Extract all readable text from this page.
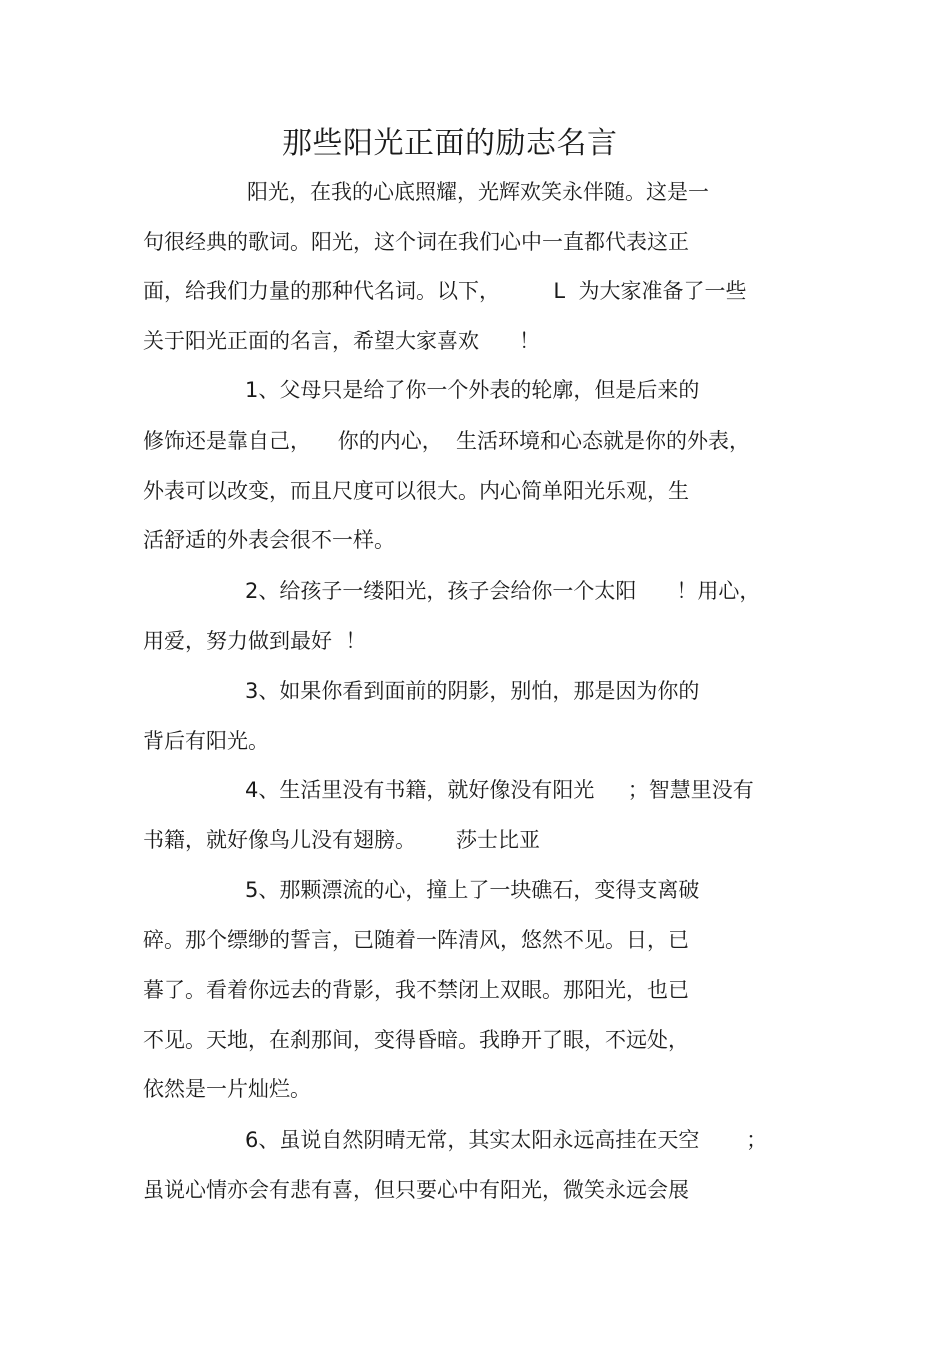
那些阳光正面的励志名言
阳光，在我的心底照耀，光辉欢笑永伴随。这是一
句很经典的歌词。阳光，这个词在我们心中一直都代表这正
面，给我们力量的那种代名词。以下，        L  为大家准备了一些
关于阳光正面的名言，希望大家喜欢      ！
1、父母只是给了你一个外表的轮廓，但是后来的
修饰还是靠自己，    你的内心，  生活环境和心态就是你的外表，
外表可以改变，而且尺度可以很大。内心简单阳光乐观，生
活舒适的外表会很不一样。
2、给孩子一缕阳光，孩子会给你一个太阳      ！用心，
用爱，努力做到最好  ！
3、如果你看到面前的阴影，别怕，那是因为你的
背后有阳光。
4、生活里没有书籍，就好像没有阳光     ；智慧里没有
书籍，就好像鸟儿没有翅膀。      莎士比亚
5、那颗漂流的心，撞上了一块礁石，变得支离破
碎。那个缥缈的誓言，已随着一阵清风，悠然不见。日，已
暮了。看着你远去的背影，我不禁闭上双眼。那阳光，也已
不见。天地，在刹那间，变得昏暗。我睁开了眼，不远处，
依然是一片灿烂。
6、虽说自然阴晴无常，其实太阳永远高挂在天空       ；
虽说心情亦会有悲有喜，但只要心中有阳光，微笑永远会展
